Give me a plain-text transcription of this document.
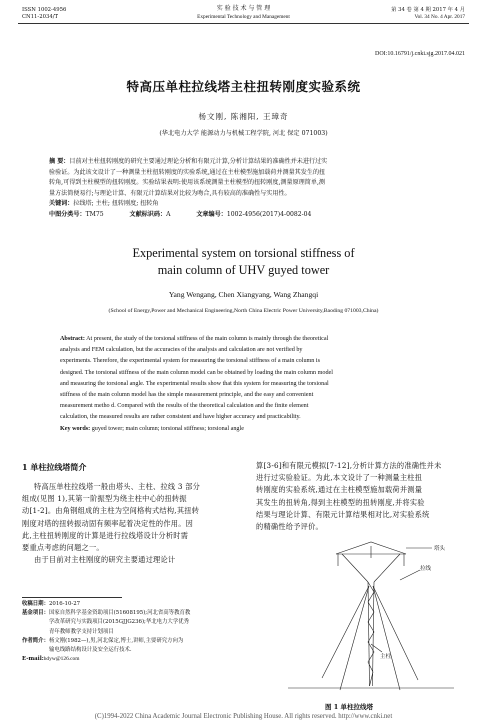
ISSN 1002-4956
CN11-2034/T
实 验 技 术 与 管 理
Experimental Technology and Management
第 34 卷 第 4 期 2017 年 4 月
Vol. 34 No. 4 Apr. 2017
DOI:10.16791/j.cnki.sjg.2017.04.021
特高压单柱拉线塔主柱扭转刚度实验系统
杨文刚, 陈湘阳, 王璋奇
(华北电力大学 能源动力与机械工程学院, 河北 保定 071003)
摘 要：目前对主柱扭转刚度的研究主要通过理论分析和有限元计算,分析计算结果的准确性并未进行过实
验验证。为此该文设计了一种测量主柱扭转刚度的实验系统,通过在主柱模型施加载荷并测量其发生的扭
转角,可得到主柱模型的扭转刚度。实验结果表明:使用该系统测量主柱模型的扭转刚度,测量原理简单,测
量方法简便易行;与理论计算、有限元计算结果对比较为吻合,具有较高的准确性与实用性。
关键词：拉线塔; 主柱; 扭转刚度; 扭转角
中图分类号：TM75	文献标识码：A	文章编号：1002-4956(2017)4-0082-04
Experimental system on torsional stiffness of
main column of UHV guyed tower
Yang Wengang, Chen Xiangyang, Wang Zhangqi
(School of Energy,Power and Mechanical Engineering,North China Electric Power University,Baoding 071003,China)
Abstract: At present, the study of the torsional stiffness of the main column is mainly through the theoretical
analysis and FEM calculation, but the accuracies of the analysis and calculation are not verified by
experiments. Therefore, the experimental system for measuring the torsional stiffness of a main column is
designed. The torsional stiffness of the main column model can be obtained by loading the main column model
and measuring the torsional angle. The experimental results show that this system for measuring the torsional
stiffness of the main column model has the simple measurement principle, and the easy and convenient
measurement metho d. Compared with the results of the theoretical calculation and the finite element
calculation, the measured results are rather consistent and have higher accuracy and practicability.
Key words: guyed tower; main column; torsional stiffness; torsional angle
1 单柱拉线塔简介
特高压单柱拉线塔一般由塔头、主柱、拉线 3 部分
组成(见图 1),其第一阶振型为绕主柱中心的扭转振
动[1-2]。由角钢组成的主柱为空间格构式结构,其扭转
刚度对塔的扭转振动固有频率起着决定性的作用。因
此,主柱扭转刚度的计算是进行拉线塔设计分析时需
要重点考虑的问题之一。
由于目前对主柱刚度的研究主要通过理论计
算[3-6]和有限元模拟[7-12],分析计算方法的准确性并未
进行过实验验证。为此,本文设计了一种测量主柱扭
转刚度的实验系统,通过在主柱模型施加载荷并测量
其发生的扭转角,得到主柱模型的扭转刚度,并将实验
结果与理论计算、有限元计算结果相对比,对实验系统
的精确性给予评价。
收稿日期：2016-10-27
基金项目：国家自然科学基金资助项目(51608195);河北省高等教育教
学改革研究与实践项目(2015GJJG236);华北电力大学优秀
青年教师教学支持计划项目
作者简介：杨文刚(1982—),男,河北保定,博士,讲师,主要研究方向为
输电线路结构设计及安全运行技术.
E-mail:hdyw@126.com
塔头
拉线
主柱
图 1 单柱拉线塔
(C)1994-2022 China Academic Journal Electronic Publishing House. All rights reserved. http://www.cnki.net
